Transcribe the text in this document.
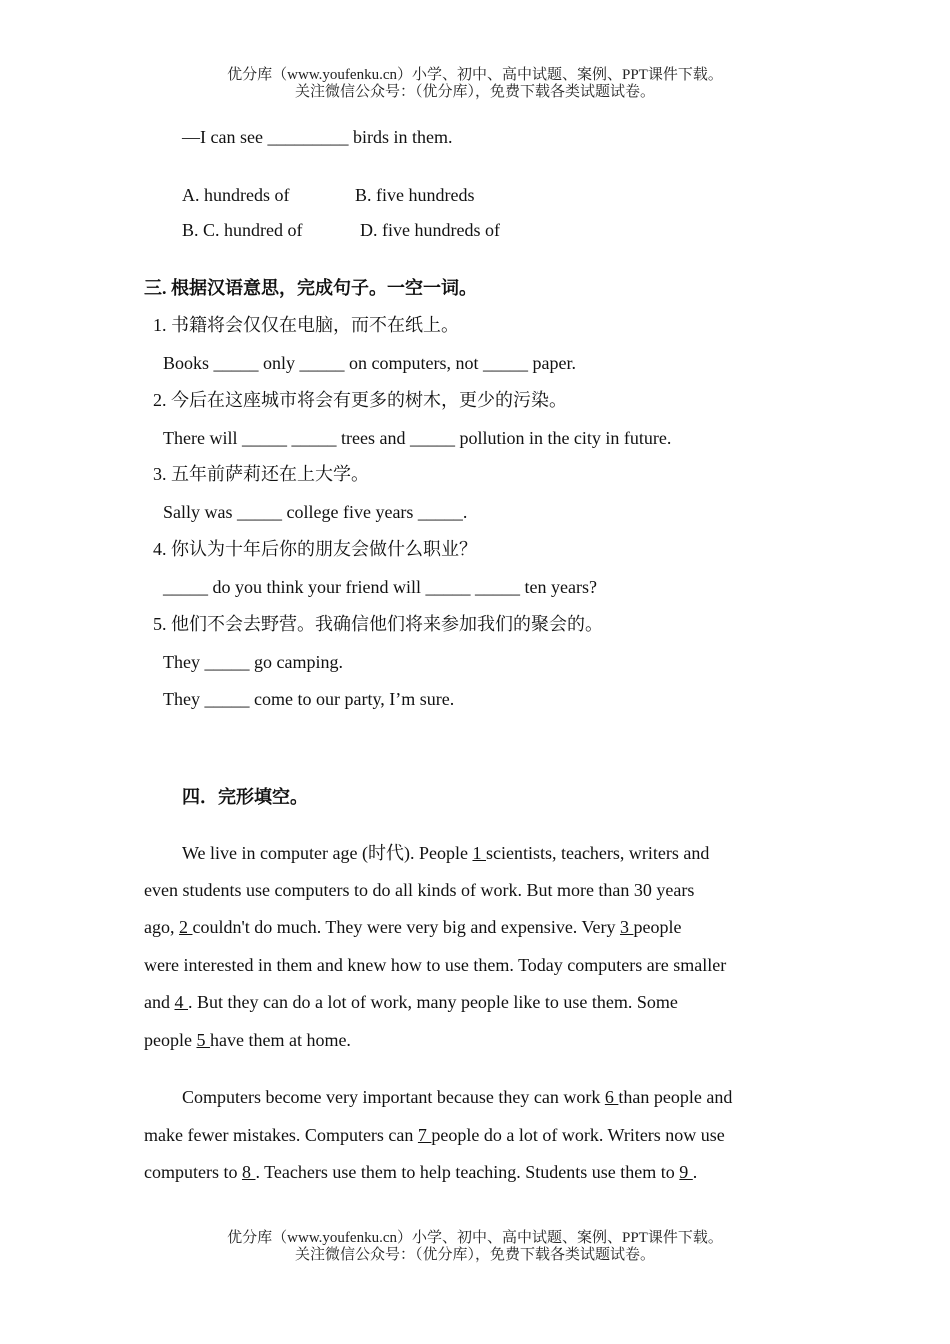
优分库（www.youfenku.cn）小学、初中、高中试题、案例、PPT课件下载。
关注微信公众号：（优分库），免费下载各类试题试卷。
—I can see _________ birds in them.
A. hundreds of	B. five hundreds
B. C. hundred of	D. five hundreds of
三. 根据汉语意思，完成句子。一空一词。
1. 书籍将会仅仅在电脑，而不在纸上。
Books _____ only _____ on computers, not _____ paper.
2. 今后在这座城市将会有更多的树木，更少的污染。
There will _____ _____ trees and _____ pollution in the city in future.
3. 五年前萨莉还在上大学。
Sally was _____ college five years _____.
4. 你认为十年后你的朋友会做什么职业？
_____ do you think your friend will _____ _____ ten years?
5. 他们不会去野营。我确信他们将来参加我们的聚会的。
They _____ go camping.
They _____ come to our party, I’m sure.
四．完形填空。
We live in computer age (时代). People 1 scientists, teachers, writers and
even students use computers to do all kinds of work. But more than 30 years
ago, 2 couldn't do much. They were very big and expensive. Very 3 people
were interested in them and knew how to use them. Today computers are smaller
and 4 . But they can do a lot of work, many people like to use them. Some
people 5 have them at home.
Computers become very important because they can work 6 than people and
make fewer mistakes. Computers can 7 people do a lot of work. Writers now use
computers to 8 . Teachers use them to help teaching. Students use them to 9 .
优分库（www.youfenku.cn）小学、初中、高中试题、案例、PPT课件下载。
关注微信公众号：（优分库），免费下载各类试题试卷。
